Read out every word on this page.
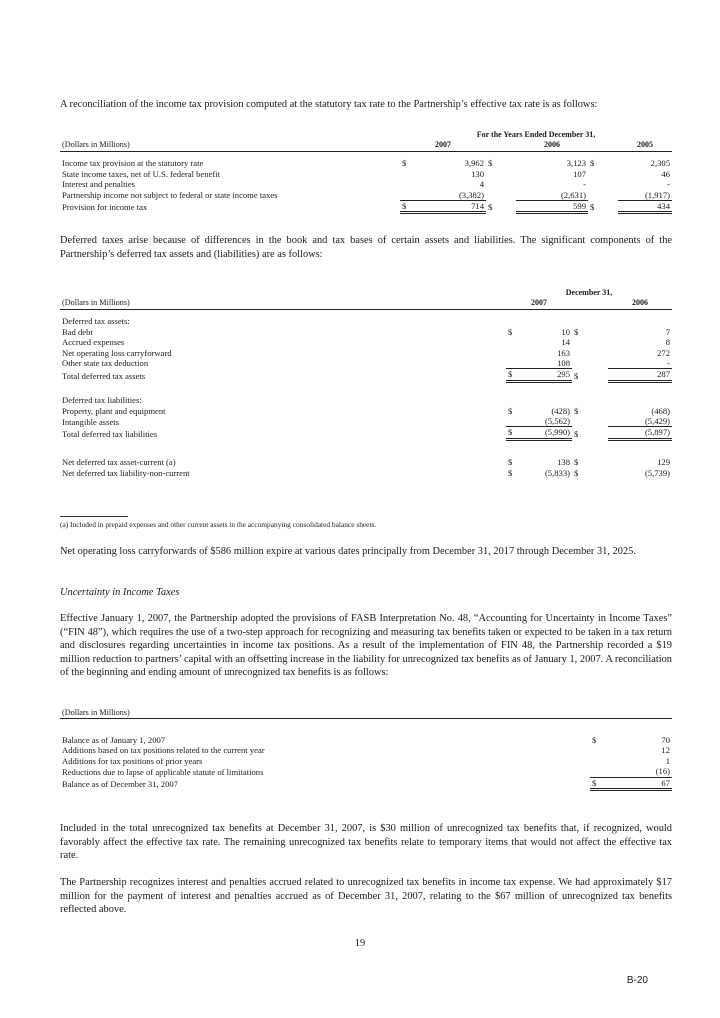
A reconciliation of the income tax provision computed at the statutory tax rate to the Partnership’s effective tax rate is as follows:

	For the Years Ended December 31,							
(Dollars in Millions)	2007			2006			2005	

Income tax provision at the statutory rate	$	3,962	$		3,123	$		2,305
State income taxes, net of U.S. federal benefit		130			107			46
Interest and penalties		4			-			-
Partnership income not subject to federal or state income taxes		(3,382)			(2,631)			(1,917)
Provision for income tax	$	714	$		599	$		434

Deferred taxes arise because of differences in the book and tax bases of certain assets and liabilities. The significant components of the Partnership’s deferred tax assets and (liabilities) are as follows:

	December 31,				
(Dollars in Millions)	2007			2006	

Deferred tax assets:					
Bad debt	$	10	$		7
Accrued expenses		14			8
Net operating loss carryforward		163			272
Other state tax deduction		108			-
Total deferred tax assets	$	295	$		287

Deferred tax liabilities:					
Property, plant and equipment	$	(428)	$		(468)
Intangible assets		(5,562)			(5,429)
Total deferred tax liabilities	$	(5,990)	$		(5,897)

Net deferred tax asset-current (a)	$	138	$		129
Net deferred tax liability-non-current	$	(5,833)	$		(5,739)
(a) Included in prepaid expenses and other current assets in the accompanying consolidated balance sheets.

Net operating loss carryforwards of $586 million expire at various dates principally from December 31, 2017 through December 31, 2025.

Uncertainty in Income Taxes

Effective January 1, 2007, the Partnership adopted the provisions of FASB Interpretation No. 48, “Accounting for Uncertainty in Income Taxes” (“FIN 48”), which requires the use of a two-step approach for recognizing and measuring tax benefits taken or expected to be taken in a tax return and disclosures regarding uncertainties in income tax positions. As a result of the implementation of FIN 48, the Partnership recorded a $19 million reduction to partners’ capital with an offsetting increase in the liability for unrecognized tax benefits as of January 1, 2007. A reconciliation of the beginning and ending amount of unrecognized tax benefits is as follows:

(Dollars in Millions)		

Balance as of January 1, 2007	$	70
Additions based on tax positions related to the current year		12
Additions for tax positions of prior years		1
Reductions due to lapse of applicable statute of limitations		(16)
Balance as of December 31, 2007	$	67

Included in the total unrecognized tax benefits at December 31, 2007, is $30 million of unrecognized tax benefits that, if recognized, would favorably affect the effective tax rate. The remaining unrecognized tax benefits relate to temporary items that would not affect the effective tax rate.

The Partnership recognizes interest and penalties accrued related to unrecognized tax benefits in income tax expense. We had approximately $17 million for the payment of interest and penalties accrued as of December 31, 2007, relating to the $67 million of unrecognized tax benefits reflected above.

19
B-20
